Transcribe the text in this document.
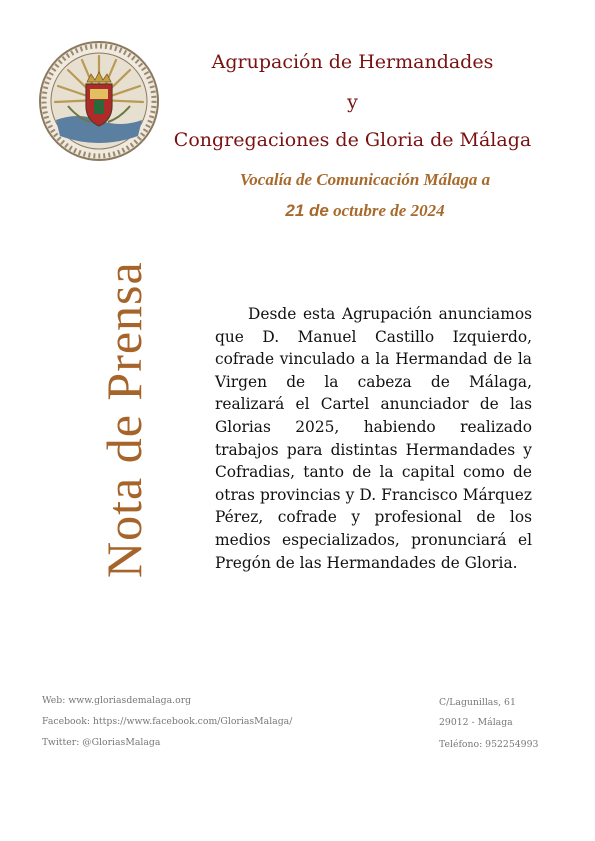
Agrupación de Hermandades
y
Congregaciones de Gloria de Málaga
Vocalía de Comunicación Málaga a
21 de octubre de 2024
Nota de Prensa	Desde esta Agrupación anunciamos que D. Manuel Castillo Izquierdo, cofrade vinculado a la Hermandad de la Virgen de la cabeza de Málaga, realizará el Cartel anunciador de las Glorias 2025, habiendo realizado trabajos para distintas Hermandades y Cofradias, tanto de la capital como de otras provincias y D. Francisco Márquez Pérez, cofrade y profesional de los medios especializados, pronunciará el Pregón de las Hermandades de Gloria.
Web: www.gloriasdemalaga.org
Facebook: https://www.facebook.com/GloriasMalaga/
Twitter: @GloriasMalaga
C/Lagunillas, 61
29012 - Málaga
Teléfono: 952254993
